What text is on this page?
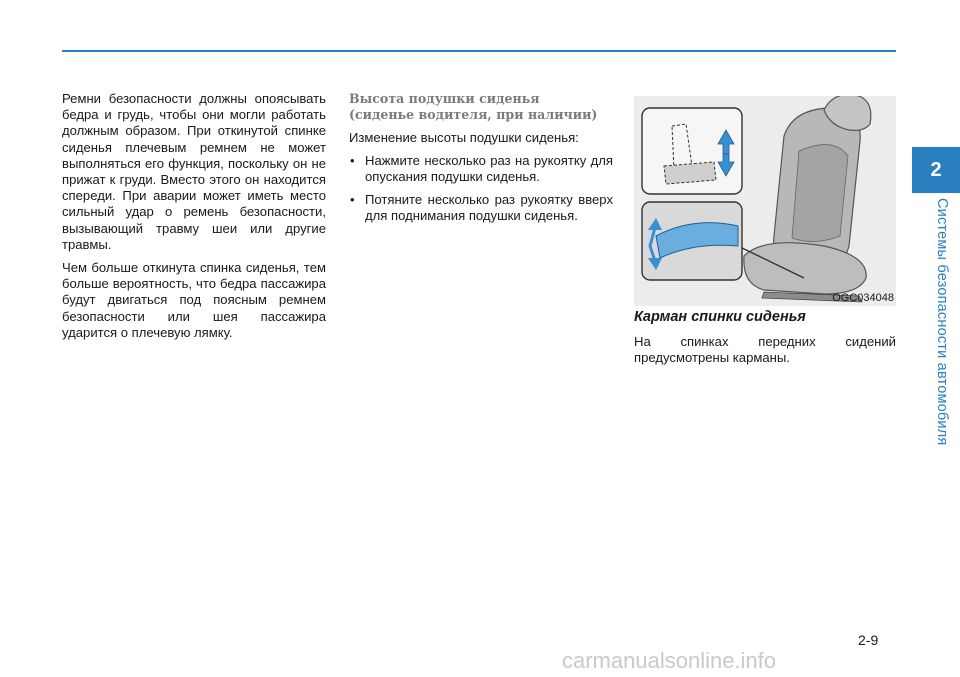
Ремни безопасности должны опоясывать бедра и грудь, чтобы они могли работать должным образом. При откинутой спинке сиденья плечевым ремнем не может выполняться его функция, поскольку он не прижат к груди. Вместо этого он находится спереди. При аварии может иметь место сильный удар о ремень безопасности, вызывающий травму шеи или другие травмы.

Чем больше откинута спинка сиденья, тем больше вероятность, что бедра пассажира будут двигаться под поясным ремнем безопасности или шея пассажира ударится о плечевую лямку.

Высота подушки сиденья
(сиденье водителя, при наличии)

Изменение высоты подушки сиденья:

• Нажмите несколько раз на рукоятку для опускания подушки сиденья.
• Потяните несколько раз рукоятку вверх для поднимания подушки сиденья.
OGC034048
Карман спинки сиденья

На спинках передних сидений предусмотрены карманы.

2
Системы безопасности автомобиля
2-9
carmanualsonline.info
